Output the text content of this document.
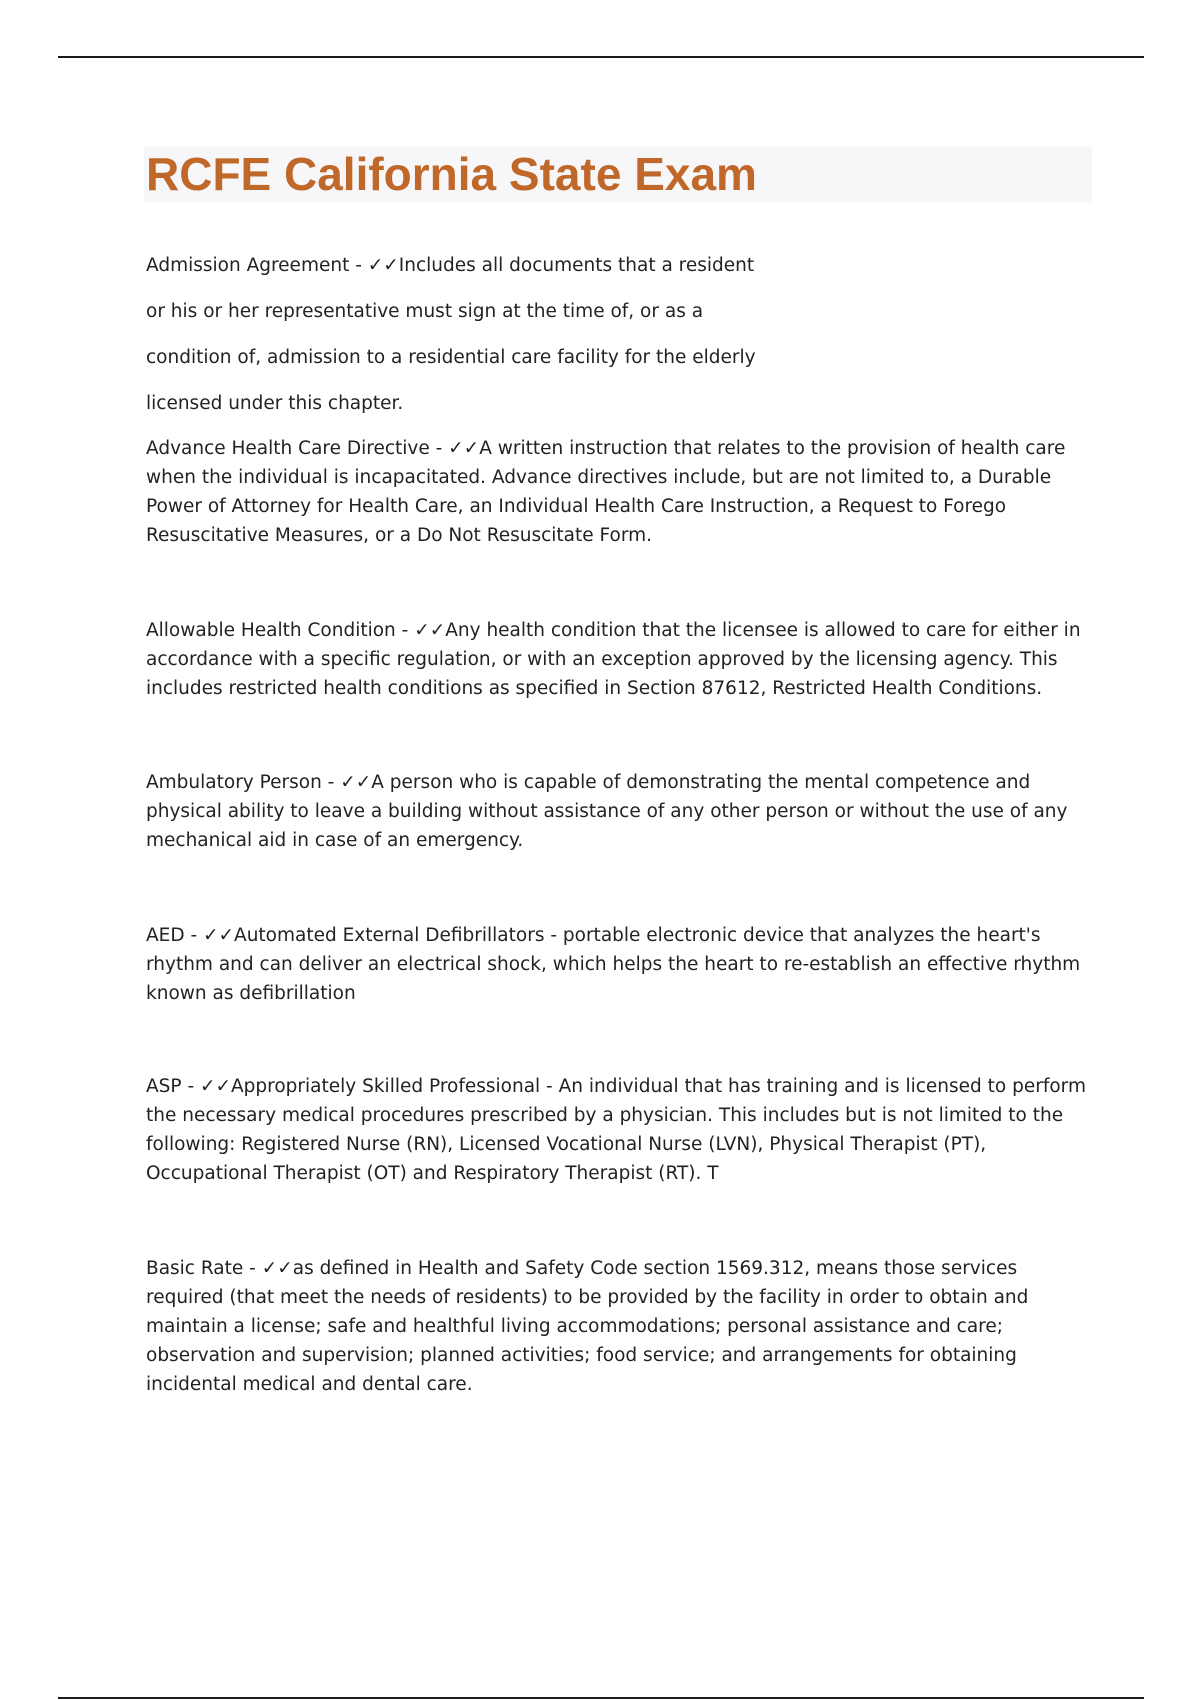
RCFE California State Exam

Admission Agreement - ✓✓Includes all documents that a resident or his or her representative must sign at the time of, or as a condition of, admission to a residential care facility for the elderly licensed under this chapter.

Advance Health Care Directive - ✓✓A written instruction that relates to the provision of health care when the individual is incapacitated. Advance directives include, but are not limited to, a Durable Power of Attorney for Health Care, an Individual Health Care Instruction, a Request to Forego Resuscitative Measures, or a Do Not Resuscitate Form.

Allowable Health Condition - ✓✓Any health condition that the licensee is allowed to care for either in accordance with a specific regulation, or with an exception approved by the licensing agency. This includes restricted health conditions as specified in Section 87612, Restricted Health Conditions.

Ambulatory Person - ✓✓A person who is capable of demonstrating the mental competence and physical ability to leave a building without assistance of any other person or without the use of any mechanical aid in case of an emergency.

AED - ✓✓Automated External Defibrillators - portable electronic device that analyzes the heart's rhythm and can deliver an electrical shock, which helps the heart to re-establish an effective rhythm known as defibrillation

ASP - ✓✓Appropriately Skilled Professional - An individual that has training and is licensed to perform the necessary medical procedures prescribed by a physician. This includes but is not limited to the following: Registered Nurse (RN), Licensed Vocational Nurse (LVN), Physical Therapist (PT), Occupational Therapist (OT) and Respiratory Therapist (RT). T

Basic Rate - ✓✓as defined in Health and Safety Code section 1569.312, means those services required (that meet the needs of residents) to be provided by the facility in order to obtain and maintain a license; safe and healthful living accommodations; personal assistance and care; observation and supervision; planned activities; food service; and arrangements for obtaining incidental medical and dental care.
